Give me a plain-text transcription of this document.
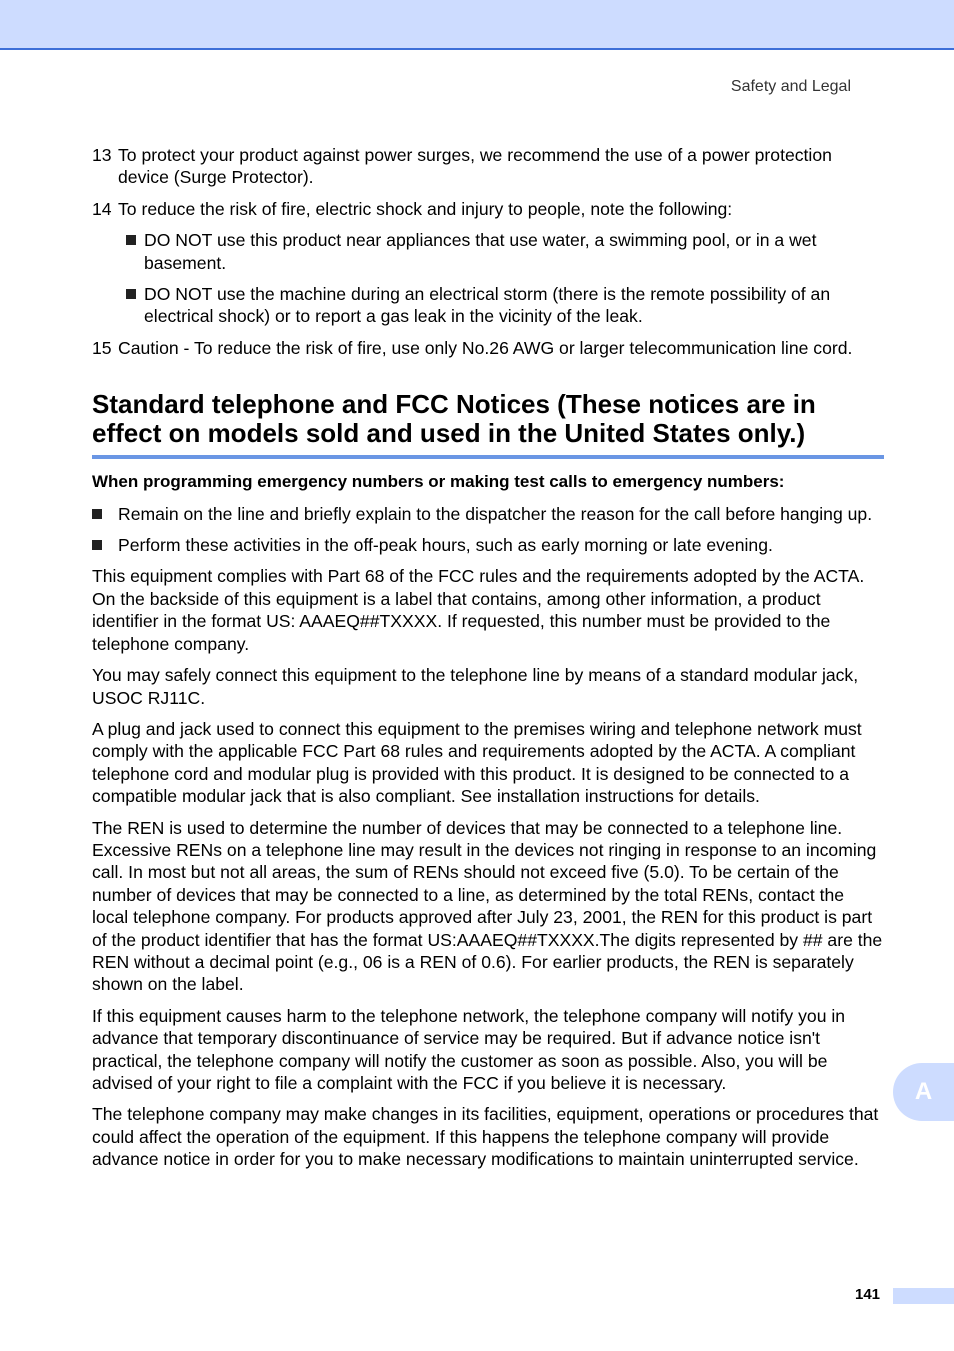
Safety and Legal
13 To protect your product against power surges, we recommend the use of a power protection device (Surge Protector).
14 To reduce the risk of fire, electric shock and injury to people, note the following:
DO NOT use this product near appliances that use water, a swimming pool, or in a wet basement.
DO NOT use the machine during an electrical storm (there is the remote possibility of an electrical shock) or to report a gas leak in the vicinity of the leak.
15 Caution - To reduce the risk of fire, use only No.26 AWG or larger telecommunication line cord.
Standard telephone and FCC Notices (These notices are in effect on models sold and used in the United States only.)
When programming emergency numbers or making test calls to emergency numbers:
Remain on the line and briefly explain to the dispatcher the reason for the call before hanging up.
Perform these activities in the off-peak hours, such as early morning or late evening.

This equipment complies with Part 68 of the FCC rules and the requirements adopted by the ACTA. On the backside of this equipment is a label that contains, among other information, a product identifier in the format US: AAAEQ##TXXXX. If requested, this number must be provided to the telephone company.

You may safely connect this equipment to the telephone line by means of a standard modular jack, USOC RJ11C.

A plug and jack used to connect this equipment to the premises wiring and telephone network must comply with the applicable FCC Part 68 rules and requirements adopted by the ACTA. A compliant telephone cord and modular plug is provided with this product. It is designed to be connected to a compatible modular jack that is also compliant. See installation instructions for details.

The REN is used to determine the number of devices that may be connected to a telephone line. Excessive RENs on a telephone line may result in the devices not ringing in response to an incoming call. In most but not all areas, the sum of RENs should not exceed five (5.0). To be certain of the number of devices that may be connected to a line, as determined by the total RENs, contact the local telephone company. For products approved after July 23, 2001, the REN for this product is part of the product identifier that has the format US:AAAEQ##TXXXX.The digits represented by ## are the REN without a decimal point (e.g., 06 is a REN of 0.6). For earlier products, the REN is separately shown on the label.

If this equipment causes harm to the telephone network, the telephone company will notify you in advance that temporary discontinuance of service may be required. But if advance notice isn't practical, the telephone company will notify the customer as soon as possible. Also, you will be advised of your right to file a complaint with the FCC if you believe it is necessary.

The telephone company may make changes in its facilities, equipment, operations or procedures that could affect the operation of the equipment. If this happens the telephone company will provide advance notice in order for you to make necessary modifications to maintain uninterrupted service.

A
141
